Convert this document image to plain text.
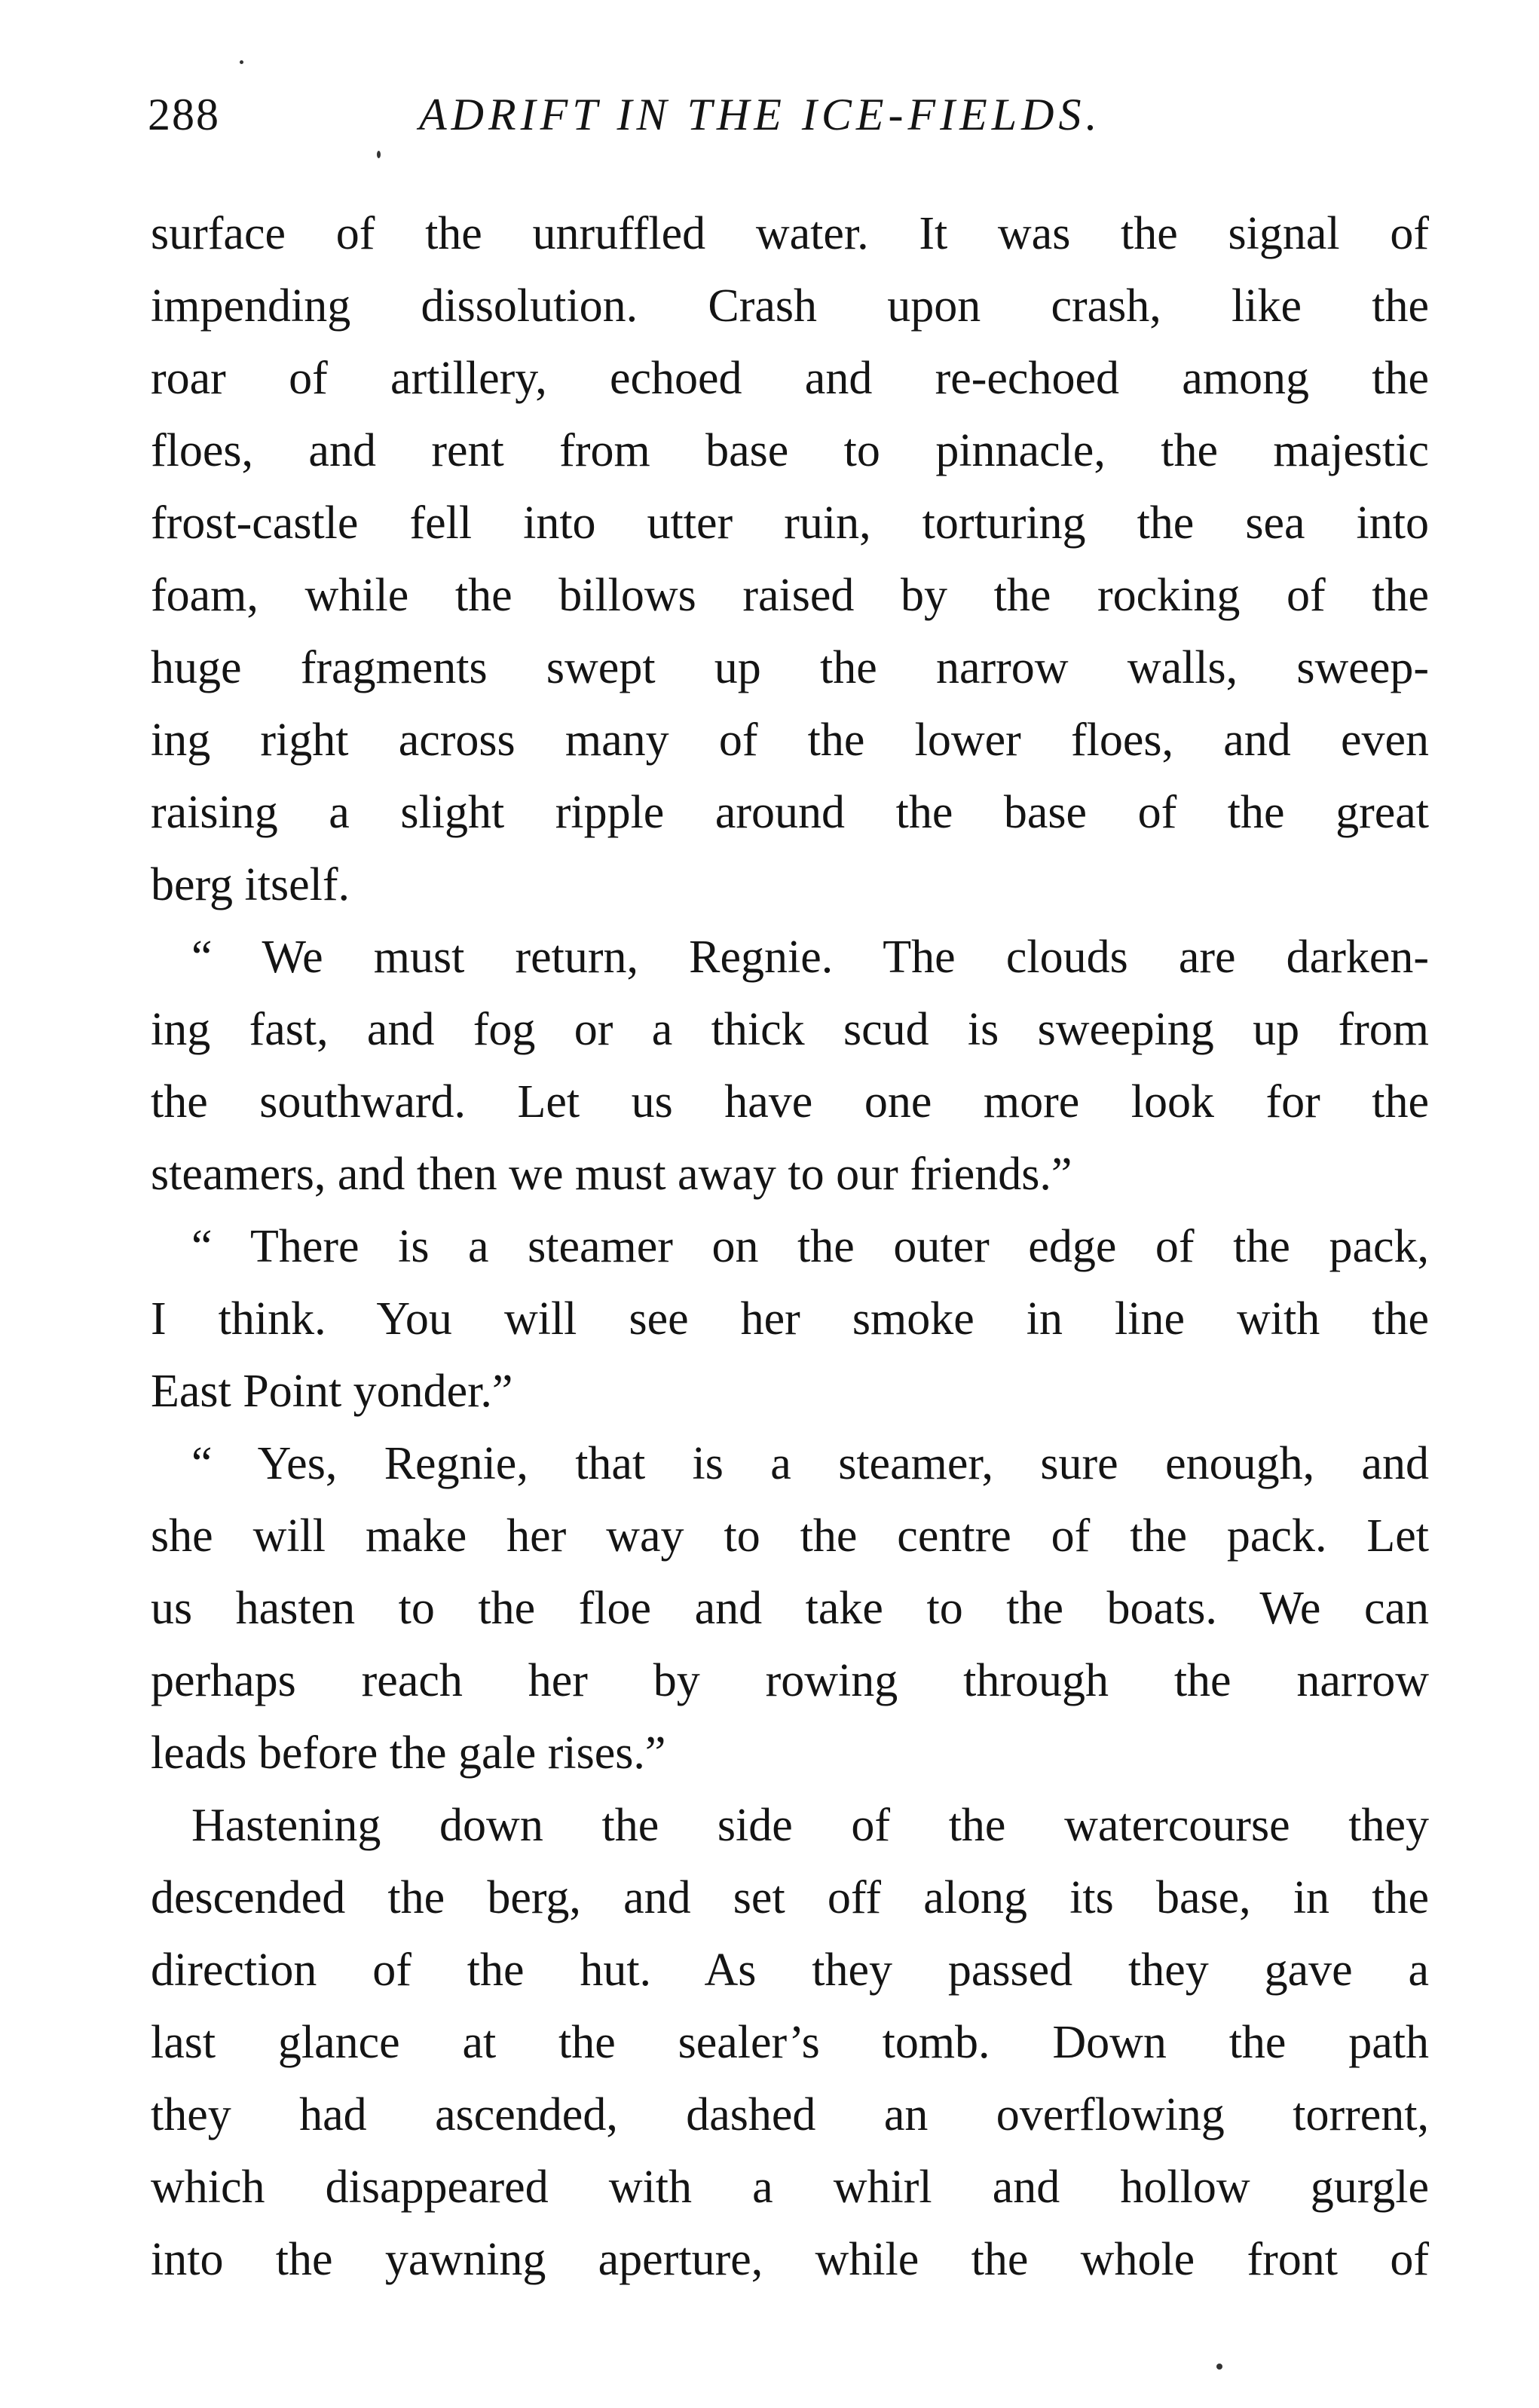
288	ADRIFT IN THE ICE-FIELDS.
surface of the unruffled water. It was the signal of
impending dissolution. Crash upon crash, like the
roar of artillery, echoed and re-echoed among the
floes, and rent from base to pinnacle, the majestic
frost-castle fell into utter ruin, torturing the sea into
foam, while the billows raised by the rocking of the
huge fragments swept up the narrow walls, sweep-
ing right across many of the lower floes, and even
raising a slight ripple around the base of the great
berg itself.
“ We must return, Regnie. The clouds are darken-
ing fast, and fog or a thick scud is sweeping up from
the southward. Let us have one more look for the
steamers, and then we must away to our friends.”
“ There is a steamer on the outer edge of the pack,
I think. You will see her smoke in line with the
East Point yonder.”
“ Yes, Regnie, that is a steamer, sure enough, and
she will make her way to the centre of the pack. Let
us hasten to the floe and take to the boats. We can
perhaps reach her by rowing through the narrow
leads before the gale rises.”
Hastening down the side of the watercourse they
descended the berg, and set off along its base, in the
direction of the hut. As they passed they gave a
last glance at the sealer’s tomb. Down the path
they had ascended, dashed an overflowing torrent,
which disappeared with a whirl and hollow gurgle
into the yawning aperture, while the whole front of
